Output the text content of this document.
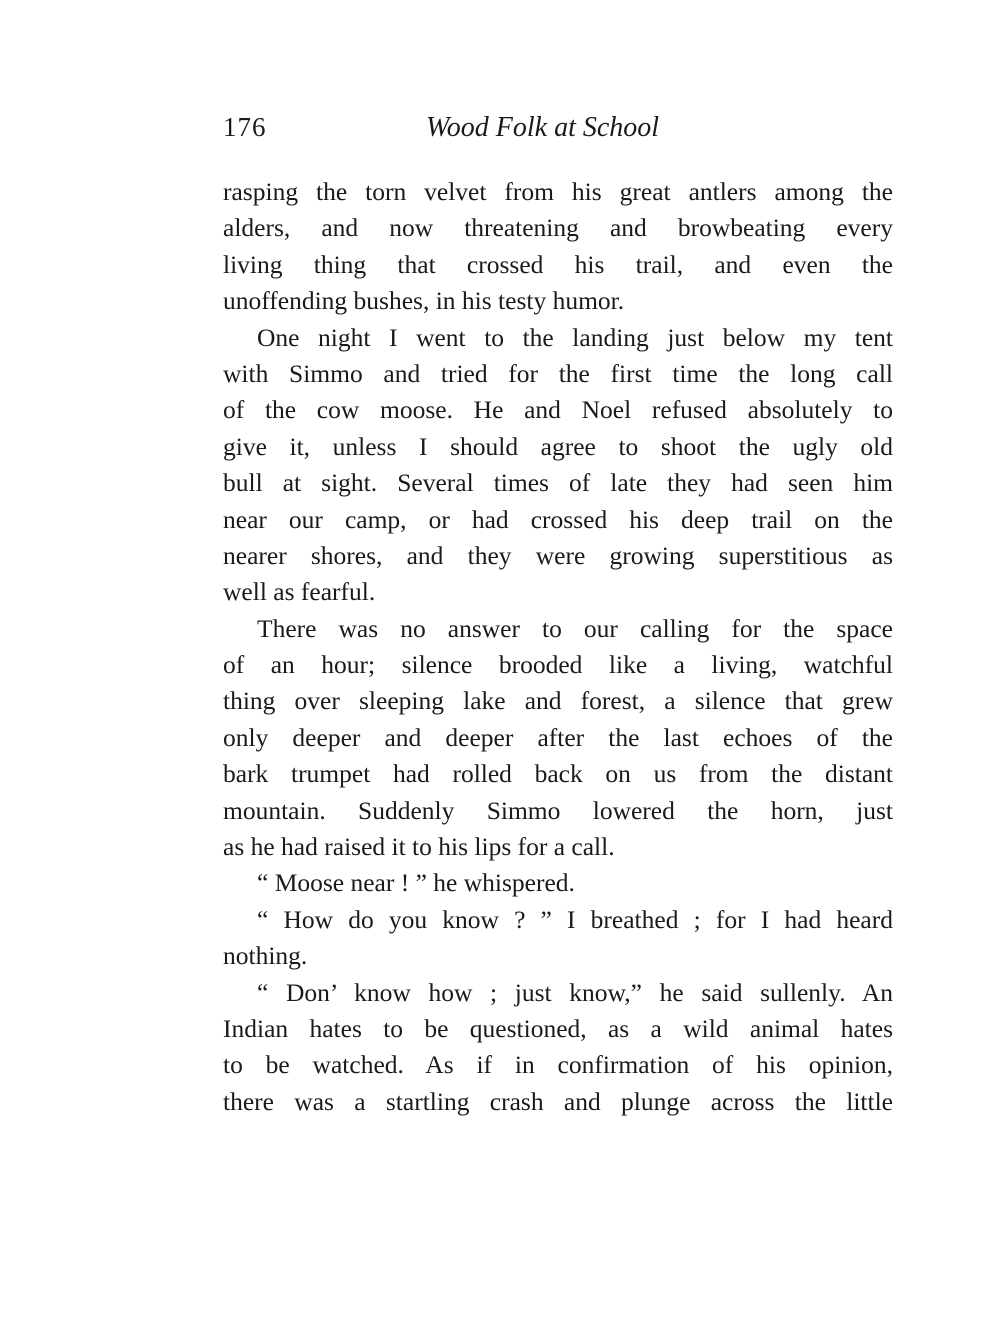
176	Wood Folk at School
rasping the torn velvet from his great antlers among the
alders, and now threatening and browbeating every
living thing that crossed his trail, and even the
unoffending bushes, in his testy humor.
One night I went to the landing just below my tent
with Simmo and tried for the first time the long call
of the cow moose. He and Noel refused absolutely to
give it, unless I should agree to shoot the ugly old
bull at sight. Several times of late they had seen him
near our camp, or had crossed his deep trail on the
nearer shores, and they were growing superstitious as
well as fearful.
There was no answer to our calling for the space
of an hour; silence brooded like a living, watchful
thing over sleeping lake and forest, a silence that grew
only deeper and deeper after the last echoes of the
bark trumpet had rolled back on us from the distant
mountain. Suddenly Simmo lowered the horn, just
as he had raised it to his lips for a call.
“ Moose near ! ” he whispered.
“ How do you know ? ” I breathed ; for I had heard
nothing.
“ Don’ know how ; just know,” he said sullenly. An
Indian hates to be questioned, as a wild animal hates
to be watched. As if in confirmation of his opinion,
there was a startling crash and plunge across the little
